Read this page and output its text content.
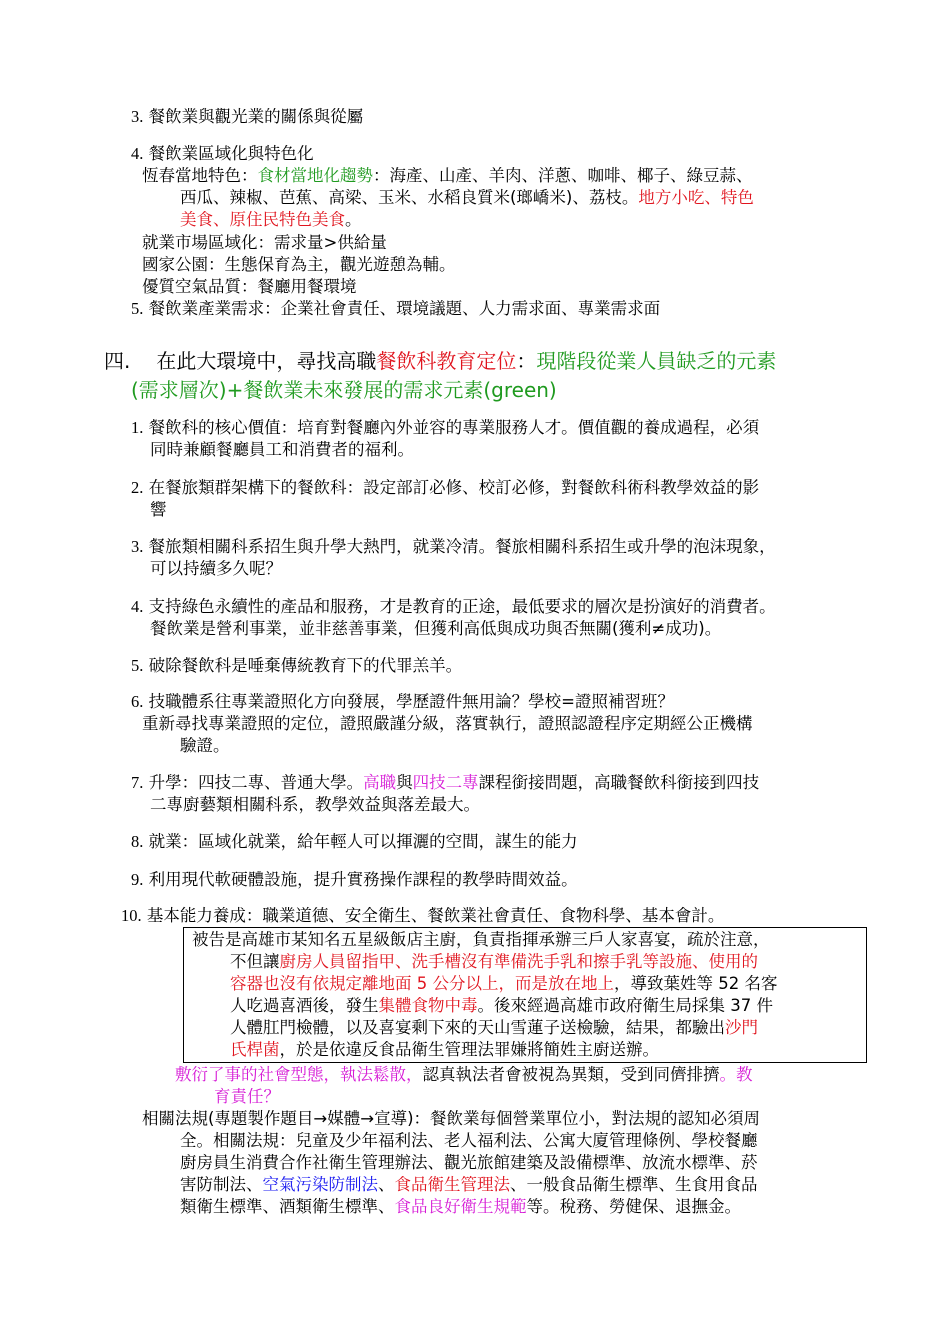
3. 餐飲業與觀光業的關係與從屬
4. 餐飲業區域化與特色化
恆春當地特色：食材當地化趨勢：海產、山產、羊肉、洋蔥、咖啡、椰子、綠豆蒜、
西瓜、辣椒、芭蕉、高梁、玉米、水稻良質米(瑯嶠米)、荔枝。地方小吃、特色
美食、原住民特色美食。
就業市場區域化：需求量>供給量
國家公園：生態保育為主，觀光遊憩為輔。
優質空氣品質：餐廳用餐環境
5. 餐飲業產業需求：企業社會責任、環境議題、人力需求面、專業需求面
四. 在此大環境中，尋找高職餐飲科教育定位：現階段從業人員缺乏的元素
(需求層次)+餐飲業未來發展的需求元素(green)
1. 餐飲科的核心價值：培育對餐廳內外並容的專業服務人才。價值觀的養成過程，必須
同時兼顧餐廳員工和消費者的福利。
2. 在餐旅類群架構下的餐飲科：設定部訂必修、校訂必修，對餐飲科術科教學效益的影
響
3. 餐旅類相關科系招生與升學大熱門，就業冷清。餐旅相關科系招生或升學的泡沫現象，
可以持續多久呢？
4. 支持綠色永續性的產品和服務，才是教育的正途，最低要求的層次是扮演好的消費者。
餐飲業是營利事業，並非慈善事業，但獲利高低與成功與否無關(獲利≠成功)。
5. 破除餐飲科是唾棄傳統教育下的代罪羔羊。
6. 技職體系往專業證照化方向發展，學歷證件無用論？學校=證照補習班？
重新尋找專業證照的定位，證照嚴謹分級，落實執行，證照認證程序定期經公正機構
驗證。
7. 升學：四技二專、普通大學。高職與四技二專課程銜接問題，高職餐飲科銜接到四技
二專廚藝類相關科系，教學效益與落差最大。
8. 就業：區域化就業，給年輕人可以揮灑的空間，謀生的能力
9. 利用現代軟硬體設施，提升實務操作課程的教學時間效益。
10. 基本能力養成：職業道德、安全衛生、餐飲業社會責任、食物科學、基本會計。
被告是高雄市某知名五星級飯店主廚，負責指揮承辦三戶人家喜宴，疏於注意，
不但讓廚房人員留指甲、洗手槽沒有準備洗手乳和擦手乳等設施、使用的
容器也沒有依規定離地面 5 公分以上，而是放在地上，導致葉姓等 52 名客
人吃過喜酒後，發生集體食物中毒。後來經過高雄市政府衛生局採集 37 件
人體肛門檢體，以及喜宴剩下來的天山雪蓮子送檢驗，結果，都驗出沙門
氏桿菌，於是依違反食品衛生管理法罪嫌將簡姓主廚送辦。
敷衍了事的社會型態，執法鬆散，認真執法者會被視為異類，受到同儕排擠。教
育責任？
相關法規(專題製作題目→媒體→宣導)：餐飲業每個營業單位小，對法規的認知必須周
全。相關法規：兒童及少年福利法、老人福利法、公寓大廈管理條例、學校餐廳
廚房員生消費合作社衛生管理辦法、觀光旅館建築及設備標準、放流水標準、菸
害防制法、空氣污染防制法、食品衛生管理法、一般食品衛生標準、生食用食品
類衛生標準、酒類衛生標準、食品良好衛生規範等。稅務、勞健保、退撫金。
